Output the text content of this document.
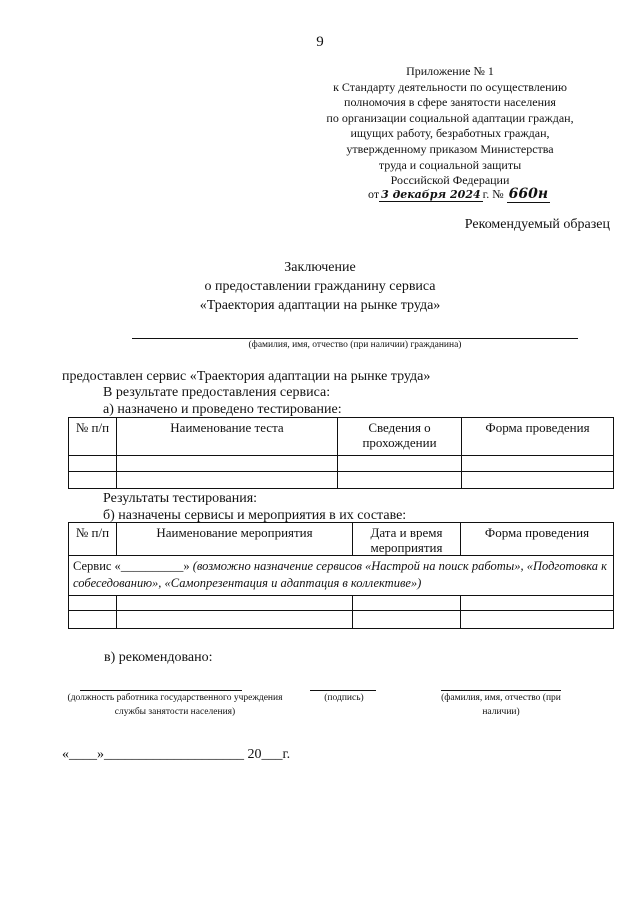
9
Приложение № 1
к Стандарту деятельности по осуществлению
полномочия в сфере занятости населения
по организации социальной адаптации граждан,
ищущих работу, безработных граждан,
утвержденному приказом Министерства
труда и социальной защиты
Российской Федерации
от 3 декабря 2024 г. № 660н
Рекомендуемый образец
Заключение
о предоставлении гражданину сервиса
«Траектория адаптации на рынке труда»
(фамилия, имя, отчество (при наличии) гражданина)
предоставлен сервис «Траектория адаптации на рынке труда»
В результате предоставления сервиса:
а) назначено и проведено тестирование:
№ п/п	Наименование теста	Сведения о прохождении	Форма проведения

Результаты тестирования:
б) назначены сервисы и мероприятия в их составе:
№ п/п	Наименование мероприятия	Дата и время мероприятия	Форма проведения
Сервис «__________» (возможно назначение сервисов «Настрой на поиск работы», «Подготовка к собеседованию», «Самопрезентация и адаптация в коллективе»)			

в) рекомендовано:
(должность работника государственного учреждения службы занятости населения)
(подпись)	(фамилия, имя, отчество (при наличии)
«____»____________________ 20___г.
